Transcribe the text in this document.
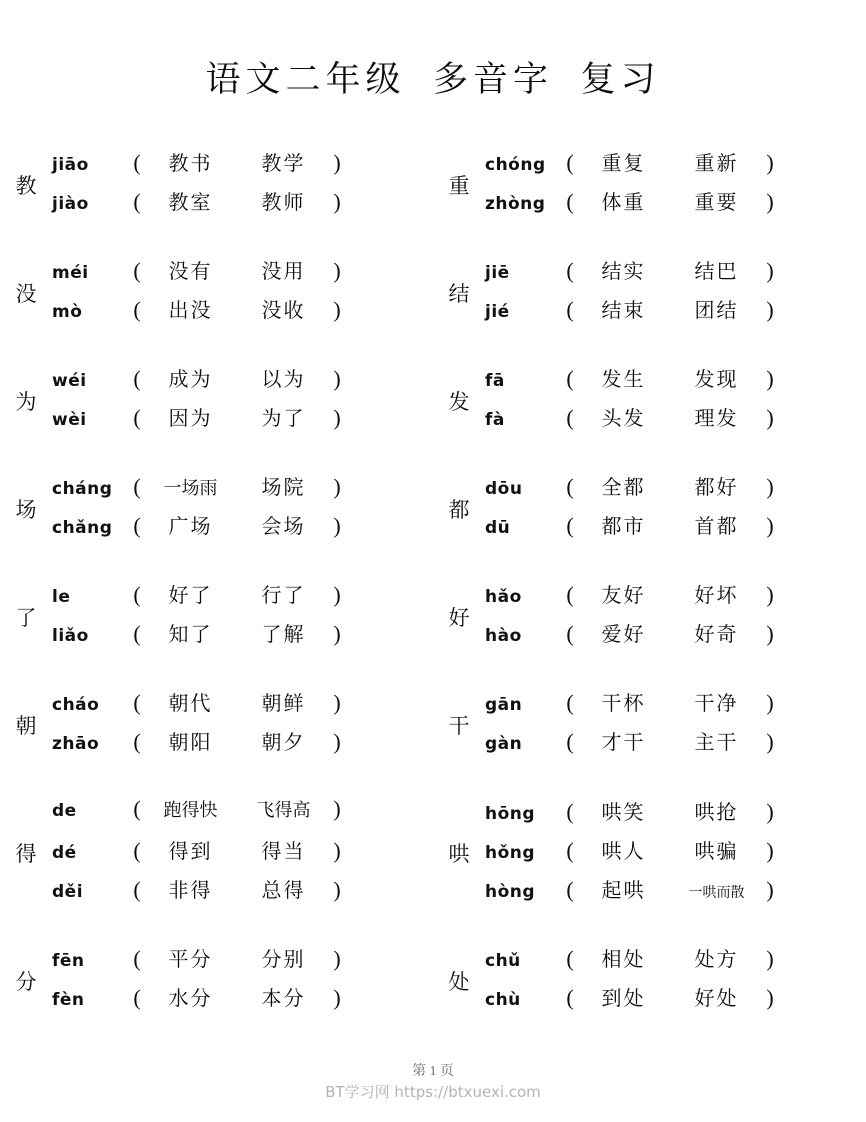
语文二年级  多音字  复习
教
jiāo	(	教书	教学	)
jiào	(	教室	教师	)
没
méi	(	没有	没用	)
mò	(	出没	没收	)
为
wéi	(	成为	以为	)
wèi	(	因为	为了	)
场
cháng (	一场雨	场院	)
chǎng (	广场	会场	)
了
le	(	好了	行了	)
liǎo	(	知了	了解	)
朝
cháo	(	朝代	朝鲜	)
zhāo	(	朝阳	朝夕	)
得
de	(	跑得快	飞得高	)
dé	(	得到	得当	)
děi	(	非得	总得	)
分
fēn	(	平分	分别	)
fèn	(	水分	本分	)
重
chóng (	重复	重新	)
zhòng (	体重	重要	)
结
jiē	(	结实	结巴	)
jié	(	结束	团结	)
发
fā	(	发生	发现	)
fà	(	头发	理发	)
都
dōu	(	全都	都好	)
dū	(	都市	首都	)
好
hǎo	(	友好	好坏	)
hào	(	爱好	好奇	)
干
gān	(	干杯	干净	)
gàn	(	才干	主干	)
哄
hōng	(	哄笑	哄抢	)
hǒng	(	哄人	哄骗	)
hòng	(	起哄	一哄而散 )
处
chǔ	(	相处	处方	)
chù	(	到处	好处	)
第 1 页
BT学习网 https://btxuexi.com
